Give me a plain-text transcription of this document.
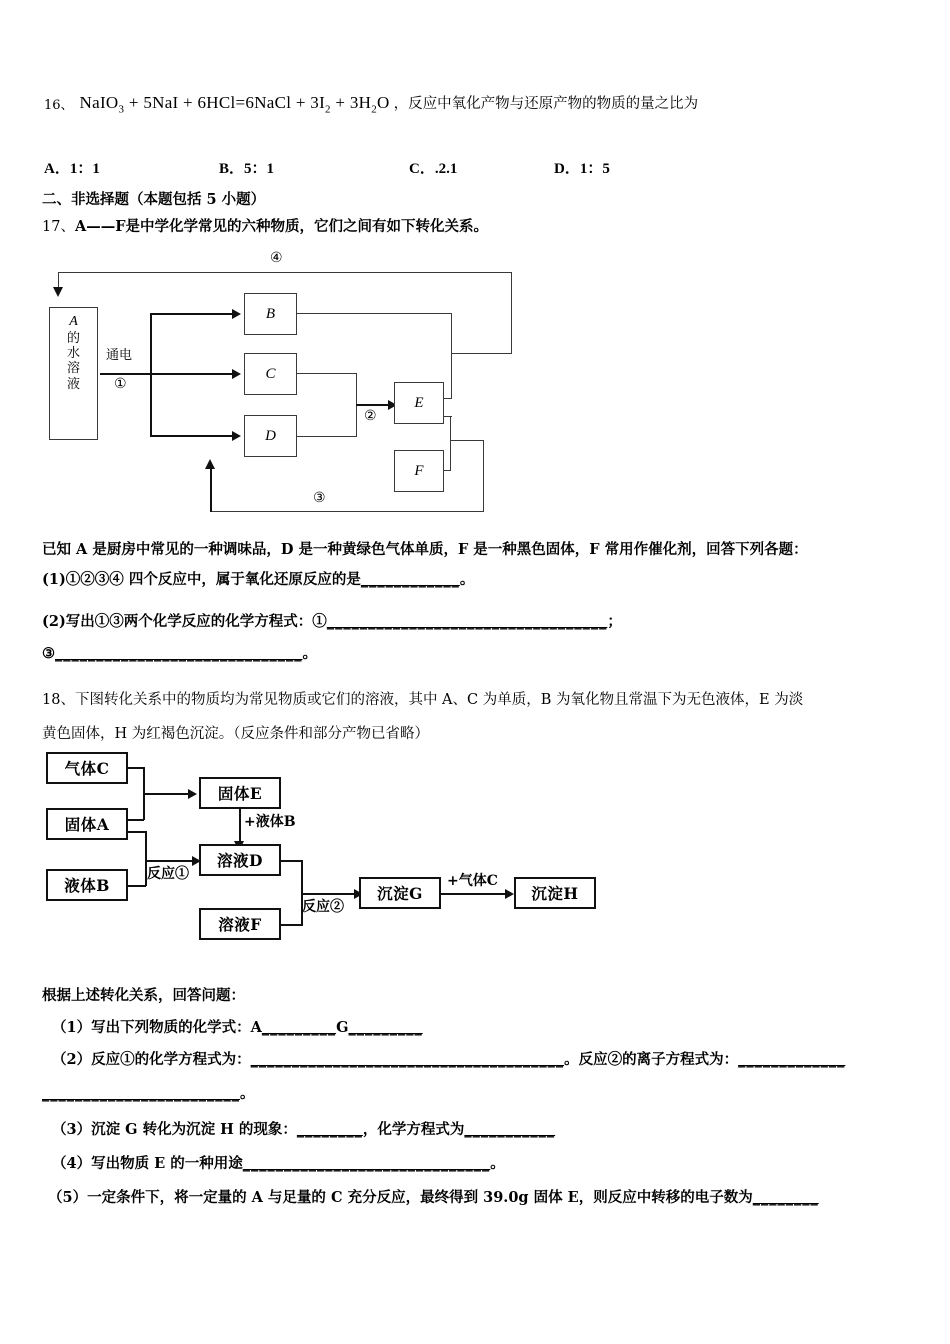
16、 NaIO$_3$ + 5NaI + 6HCl=6NaCl + $3I_2 + 3H_2O$ ，反应中氧化产物与还原产物的物质的量之比为
A．1：1	B．5：1	C．.2.1	D．1：5
二、非选择题（本题包括 5 小题）
17、A——F是中学化学常见的六种物质，它们之间有如下转化关系。
④
A
的
水
溶
液
通电
①
B
C
D
②
E
F
③
已知 A 是厨房中常见的一种调味品，D 是一种黄绿色气体单质，F 是一种黑色固体，F 常用作催化剂，回答下列各题：
(1)①②③④ 四个反应中，属于氧化还原反应的是____________。
(2)写出①③两个化学反应的化学方程式：①__________________________________；
③______________________________。
18、下图转化关系中的物质均为常见物质或它们的溶液，其中 A、C 为单质，B 为氧化物且常温下为无色液体，E 为淡
黄色固体，H 为红褐色沉淀。（反应条件和部分产物已省略）
气体C
固体A
液体B
固体E
+液体B
反应①
溶液D
溶液F
反应②
沉淀G
+气体C
沉淀H
根据上述转化关系，回答问题：
（1）写出下列物质的化学式：A_________G_________
（2）反应①的化学方程式为：______________________________________。反应②的离子方程式为：_____________
________________________。
（3）沉淀 G 转化为沉淀 H 的现象：________，化学方程式为___________
（4）写出物质 E 的一种用途______________________________。
（5）一定条件下，将一定量的 A 与足量的 C 充分反应，最终得到 39.0g 固体 E，则反应中转移的电子数为________
